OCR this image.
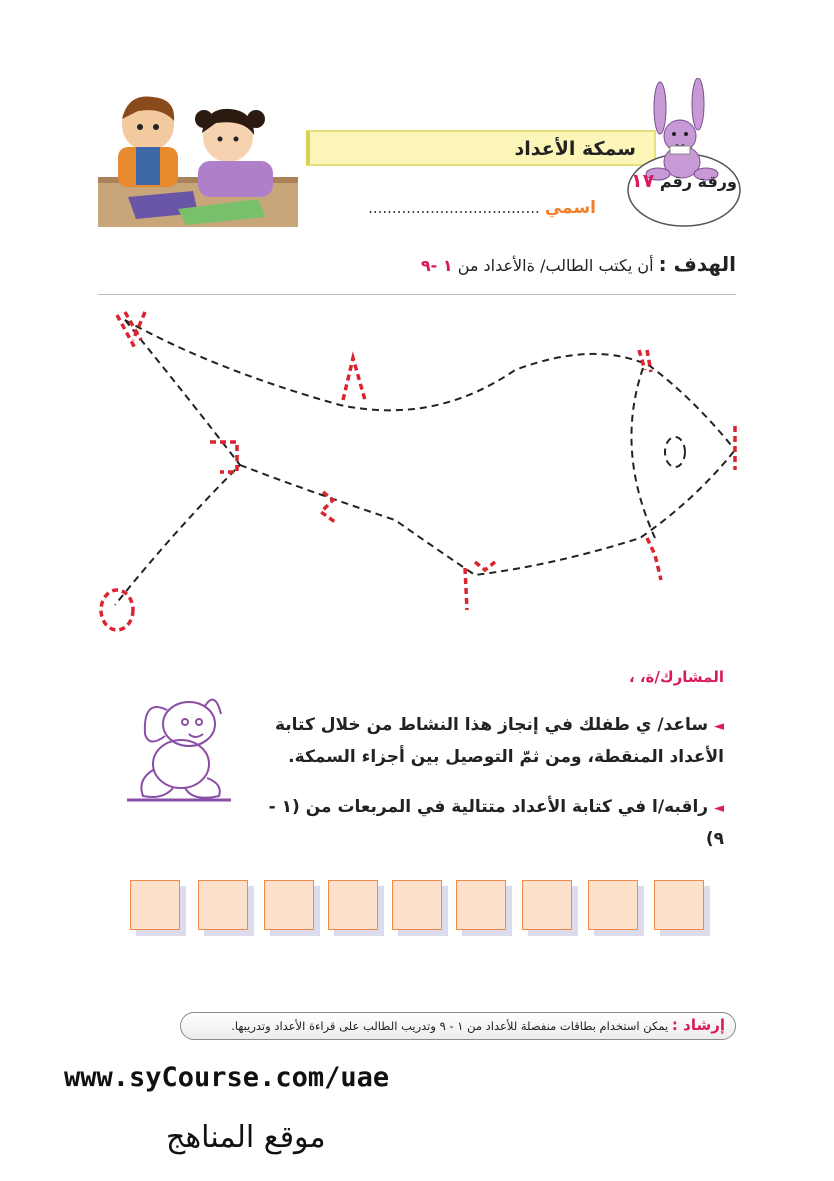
سمكة الأعداد
ورقة رقم ١٧
اسمي ....................................
الهدف : أن يكتب الطالب/ ةالأعداد من ١ -٩
المشارك/ة، ،
◄ ساعد/ ي طفلك في إنجاز هذا النشاط من خلال كتابة الأعداد المنقطة، ومن ثمّ التوصيل بين أجزاء السمكة.
◄ راقبه/ا في كتابة الأعداد متتالية في المربعات من (١ - ٩)
إرشاد : يمكن استخدام بطاقات منفصلة للأعداد من ١ - ٩ وتدريب الطالب على قراءة الأعداد وتدريبها.
www.syCourse.com/uae
موقع المناهج
